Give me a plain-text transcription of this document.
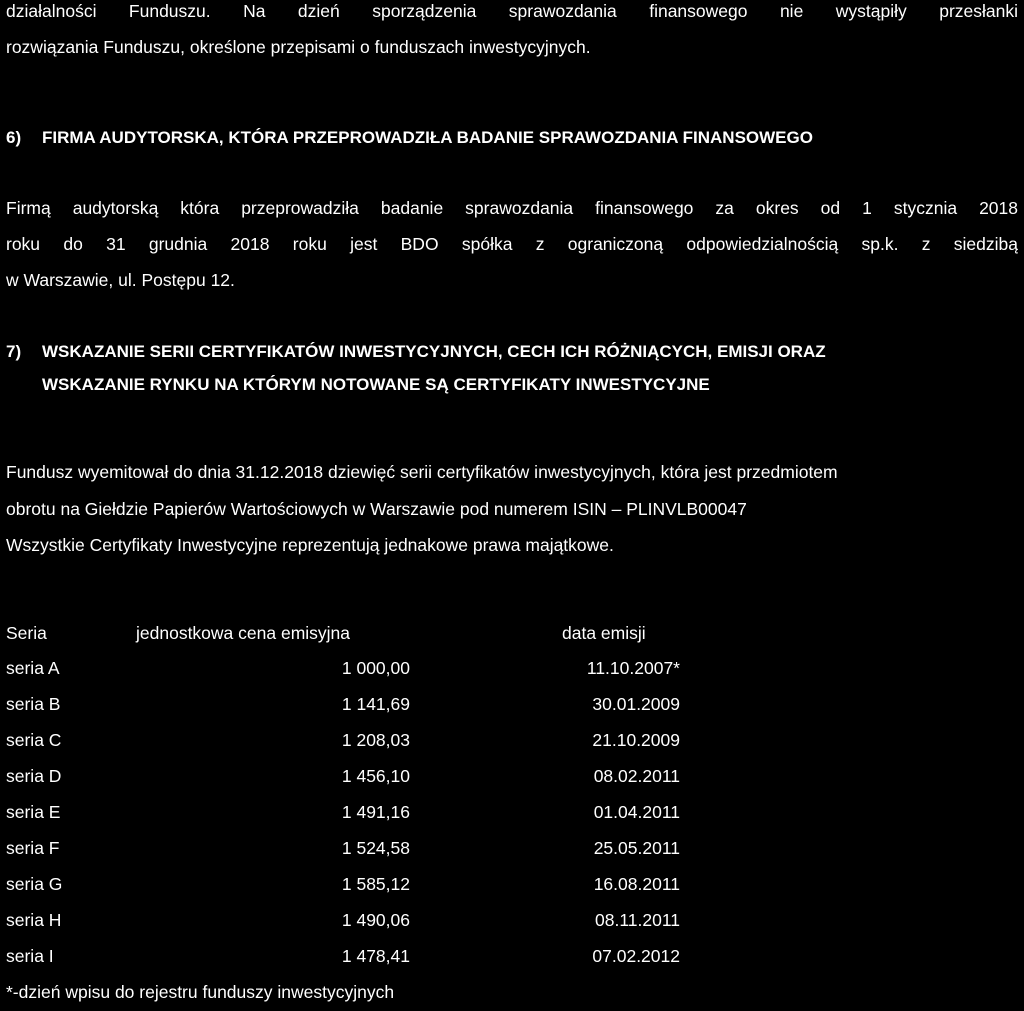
działalności Funduszu. Na dzień sporządzenia sprawozdania finansowego nie wystąpiły przesłanki
rozwiązania Funduszu, określone przepisami o funduszach inwestycyjnych.
6) FIRMA AUDYTORSKA, KTÓRA PRZEPROWADZIŁA BADANIE SPRAWOZDANIA FINANSOWEGO
Firmą audytorską która przeprowadziła badanie sprawozdania finansowego za okres od 1 stycznia 2018
roku do 31 grudnia 2018 roku jest BDO spółka z ograniczoną odpowiedzialnością sp.k. z siedzibą
w Warszawie, ul. Postępu 12.
7) WSKAZANIE SERII CERTYFIKATÓW INWESTYCYJNYCH, CECH ICH RÓŻNIĄCYCH, EMISJI ORAZ
WSKAZANIE RYNKU NA KTÓRYM NOTOWANE SĄ CERTYFIKATY INWESTYCYJNE
Fundusz wyemitował do dnia 31.12.2018 dziewięć serii certyfikatów inwestycyjnych, która jest przedmiotem
obrotu na Giełdzie Papierów Wartościowych w Warszawie pod numerem ISIN – PLINVLB00047
Wszystkie Certyfikaty Inwestycyjne reprezentują jednakowe prawa majątkowe.
Seria	jednostkowa cena emisyjna	data emisji
seria A	1 000,00	11.10.2007*
seria B	1 141,69	30.01.2009
seria C	1 208,03	21.10.2009
seria D	1 456,10	08.02.2011
seria E	1 491,16	01.04.2011
seria F	1 524,58	25.05.2011
seria G	1 585,12	16.08.2011
seria H	1 490,06	08.11.2011
seria I	1 478,41	07.02.2012
*-dzień wpisu do rejestru funduszy inwestycyjnych
